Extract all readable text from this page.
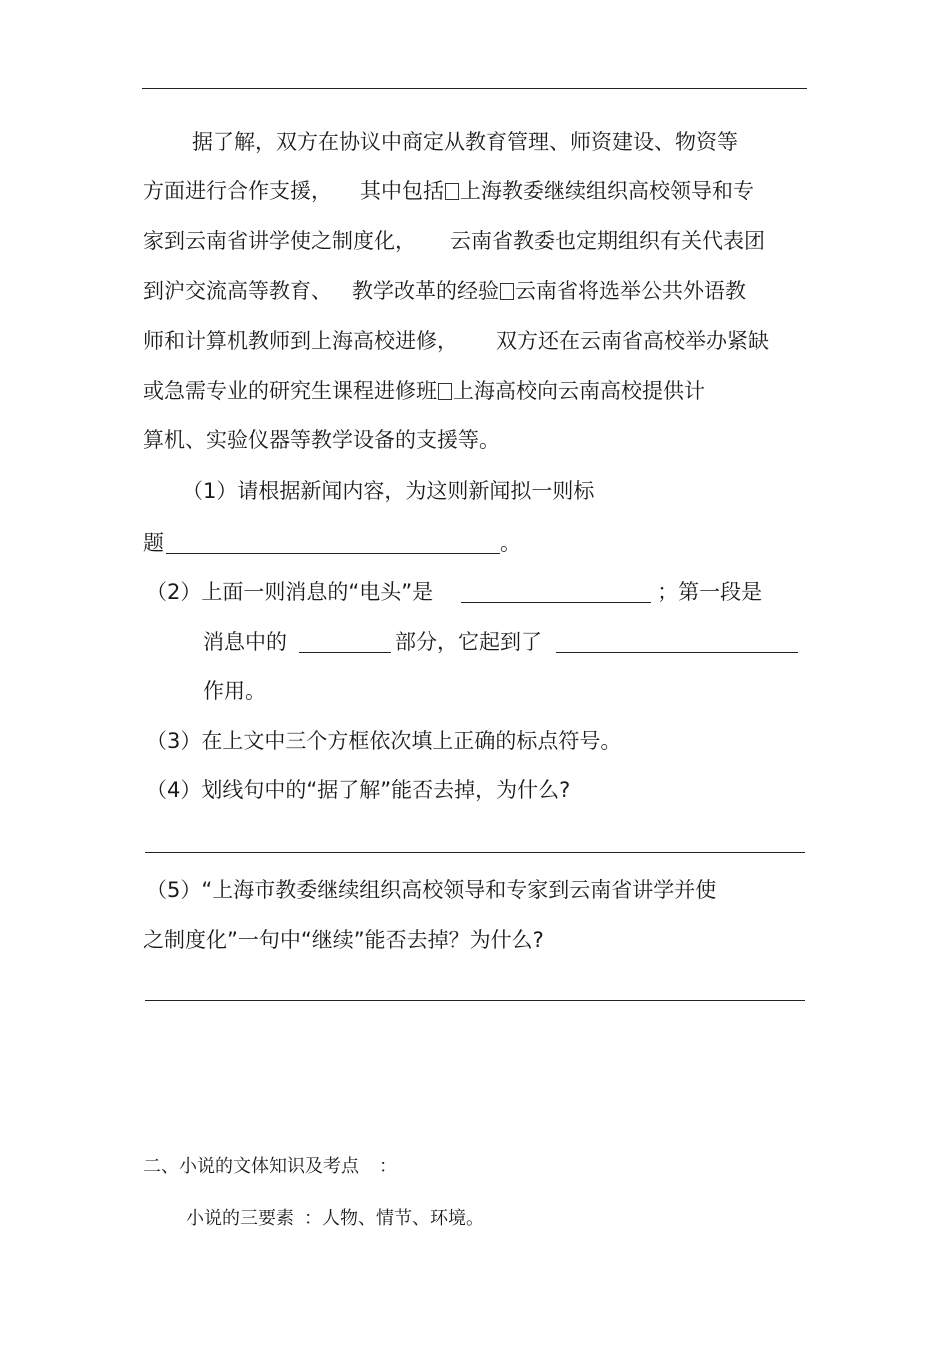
据了解，双方在协议中商定从教育管理、师资建设、物资等
方面进行合作支援， 其中包括 上海教委继续组织高校领导和专
家到云南省讲学使之制度化， 云南省教委也定期组织有关代表团
到沪交流高等教育、 教学改革的经验 云南省将选举公共外语教
师和计算机教师到上海高校进修， 双方还在云南省高校举办紧缺
或急需专业的研究生课程进修班 上海高校向云南高校提供计
算机、实验仪器等教学设备的支援等。
（1）请根据新闻内容，为这则新闻拟一则标
题	。
（2）上面一则消息的“电头”是	；第一段是
消息中的	部分，它起到了
作用。
（3）在上文中三个方框依次填上正确的标点符号。
（4）划线句中的“据了解”能否去掉，为什么?
（5）“上海市教委继续组织高校领导和专家到云南省讲学并使
之制度化”一句中“继续”能否去掉？为什么?
二、小说的文体知识及考点 ：
小说的三要素 ：人物、情节、环境。
